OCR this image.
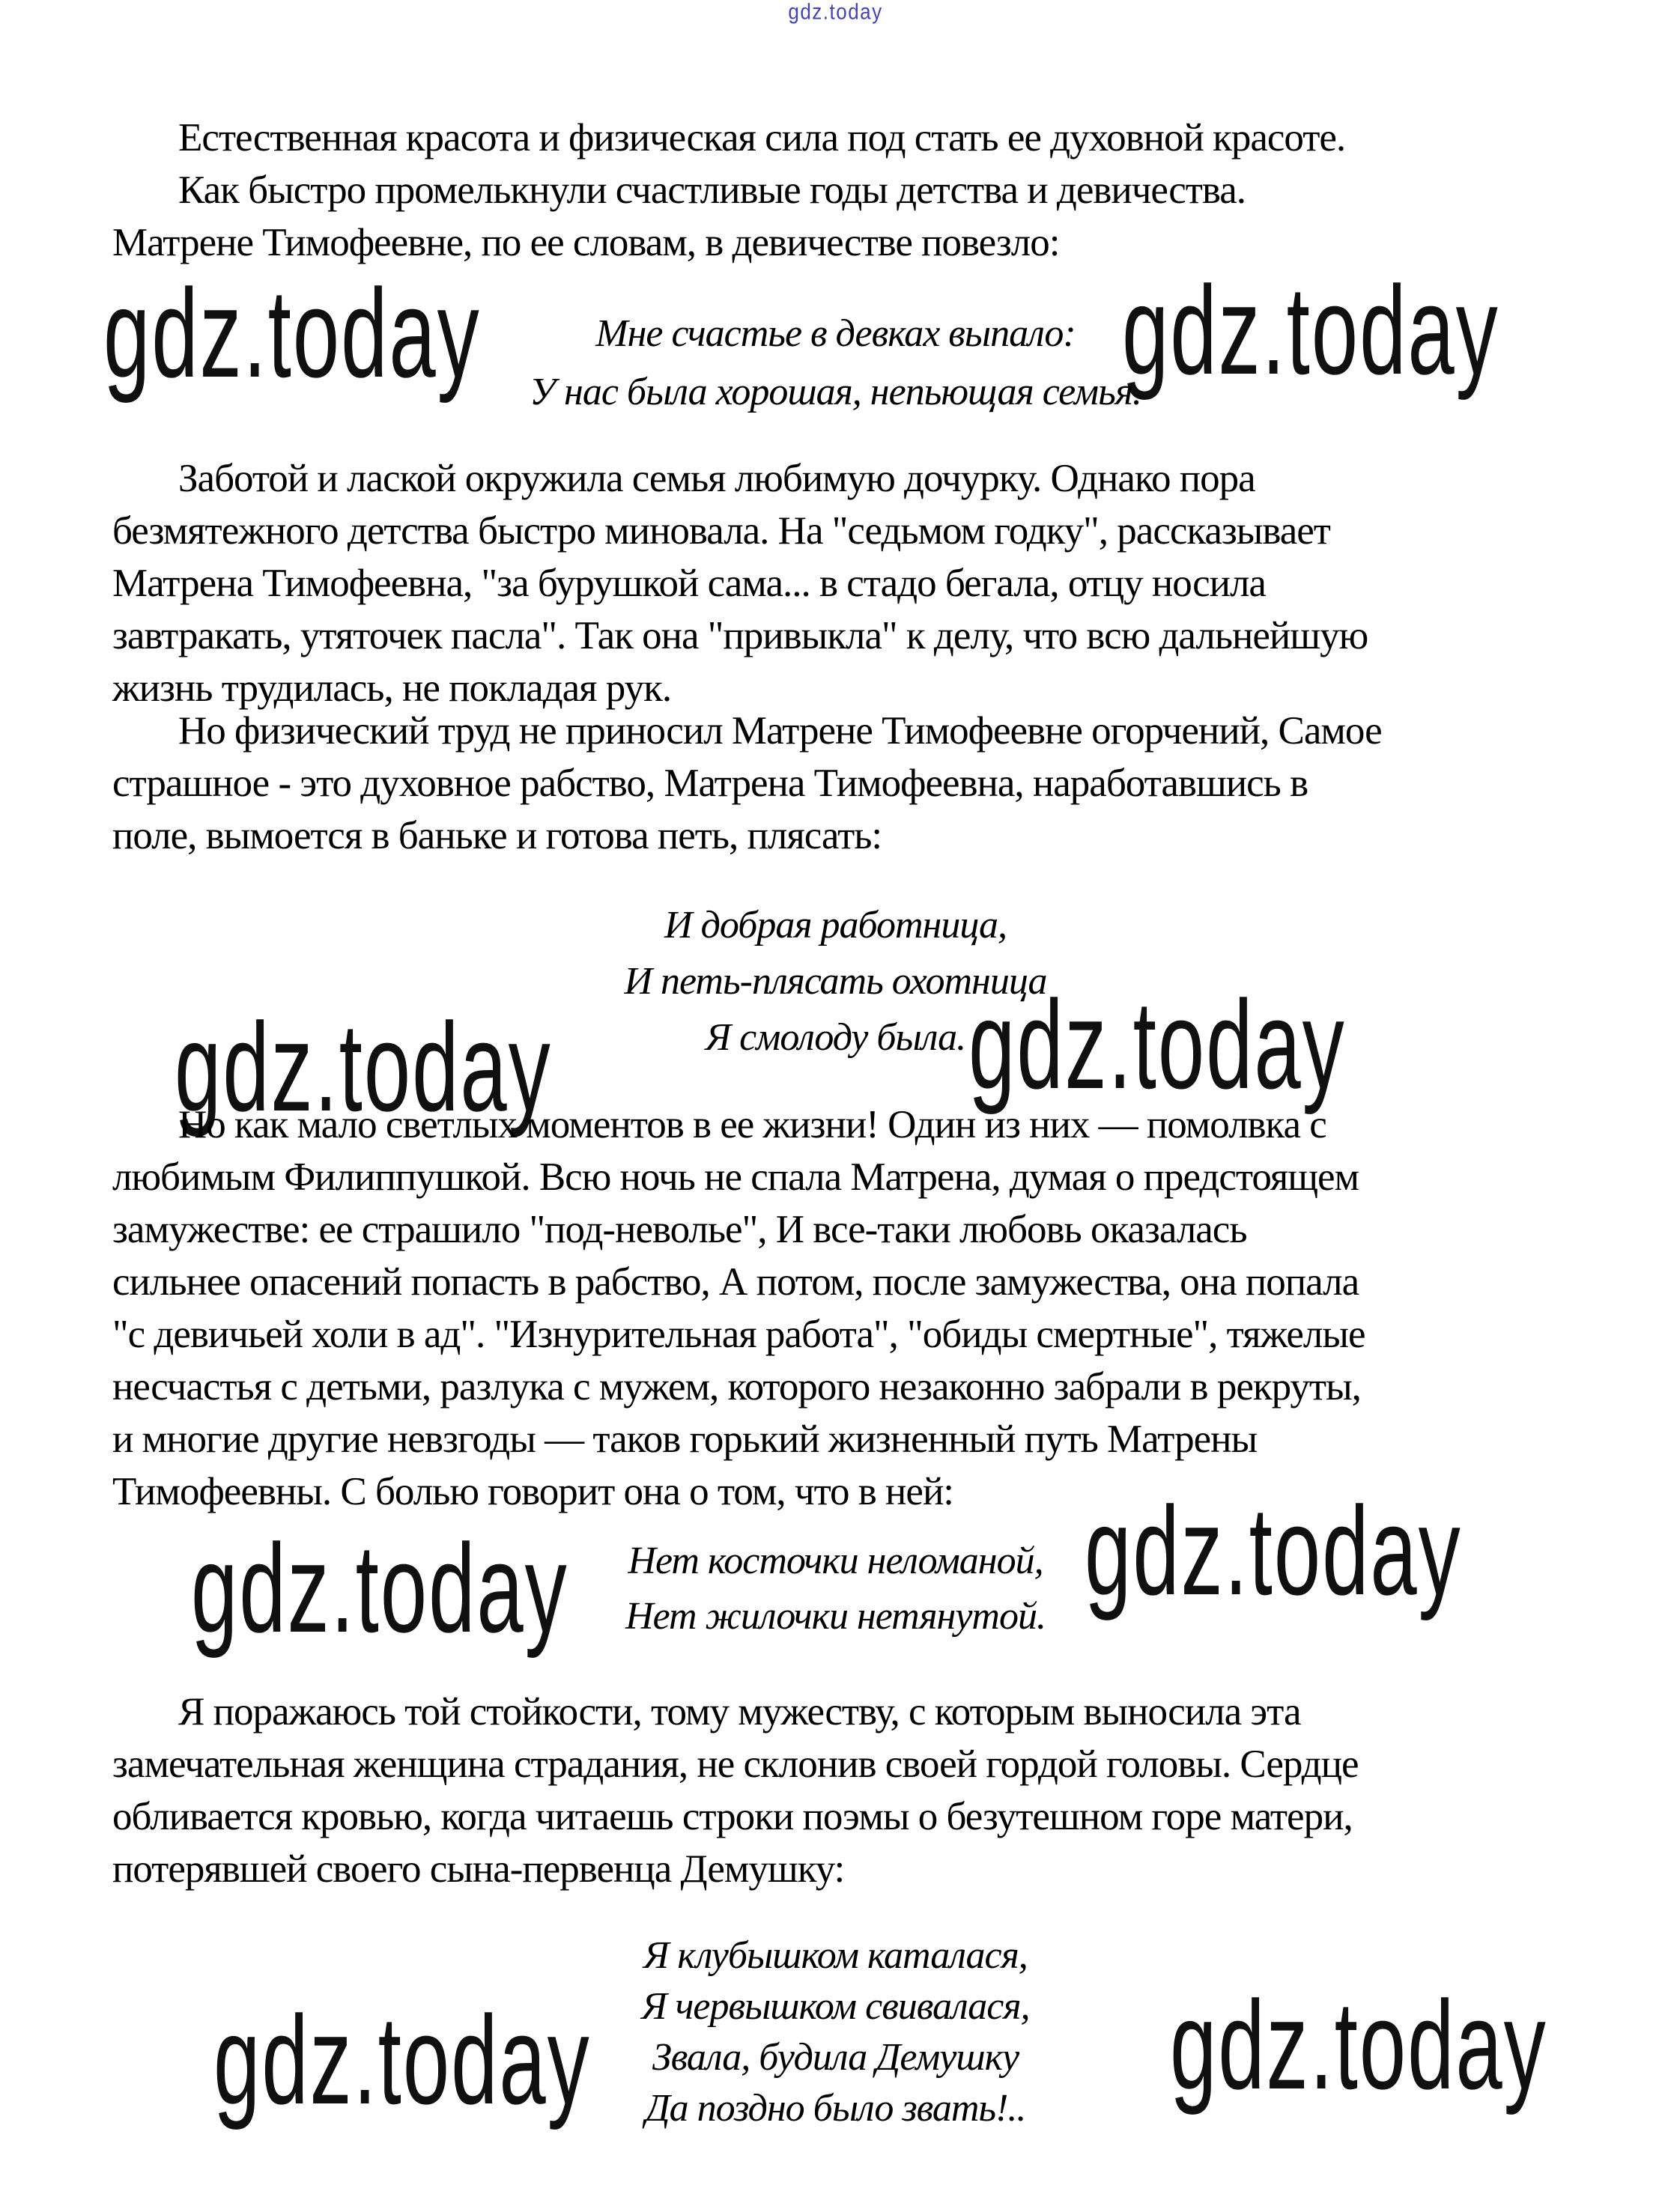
gdz.today
Естественная красота и физическая сила под стать ее духовной красоте.
Как быстро промелькнули счастливые годы детства и девичества.
Матрене Тимофеевне, по ее словам, в девичестве повезло:
gdz.today	gdz.today
Мне счастье в девках выпало:
У нас была хорошая, непьющая семья.
Заботой и лаской окружила семья любимую дочурку. Однако пора
безмятежного детства быстро миновала. На "седьмом годку", рассказывает
Матрена Тимофеевна, "за бурушкой сама... в стадо бегала, отцу носила
завтракать, утяточек пасла". Так она "привыкла" к делу, что всю дальнейшую
жизнь трудилась, не покладая рук.
Но физический труд не приносил Матрене Тимофеевне огорчений, Самое
страшное - это духовное рабство, Матрена Тимофеевна, наработавшись в
поле, вымоется в баньке и готова петь, плясать:
И добрая работница,
И петь-плясать охотница
Я смолоду была.
gdz.today	gdz.today
Но как мало светлых моментов в ее жизни! Один из них — помолвка с
любимым Филиппушкой. Всю ночь не спала Матрена, думая о предстоящем
замужестве: ее страшило "под-неволье", И все-таки любовь оказалась
сильнее опасений попасть в рабство, А потом, после замужества, она попала
"с девичьей холи в ад". "Изнурительная работа", "обиды смертные", тяжелые
несчастья с детьми, разлука с мужем, которого незаконно забрали в рекруты,
и многие другие невзгоды — таков горький жизненный путь Матрены
Тимофеевны. С болью говорит она о том, что в ней:
gdz.today	gdz.today
Нет косточки неломаной,
Нет жилочки нетянутой.
Я поражаюсь той стойкости, тому мужеству, с которым выносила эта
замечательная женщина страдания, не склонив своей гордой головы. Сердце
обливается кровью, когда читаешь строки поэмы о безутешном горе матери,
потерявшей своего сына-первенца Демушку:
Я клубышком каталася,
Я червышком свивалася,
Звала, будила Демушку
Да поздно было звать!..
gdz.today	gdz.today
